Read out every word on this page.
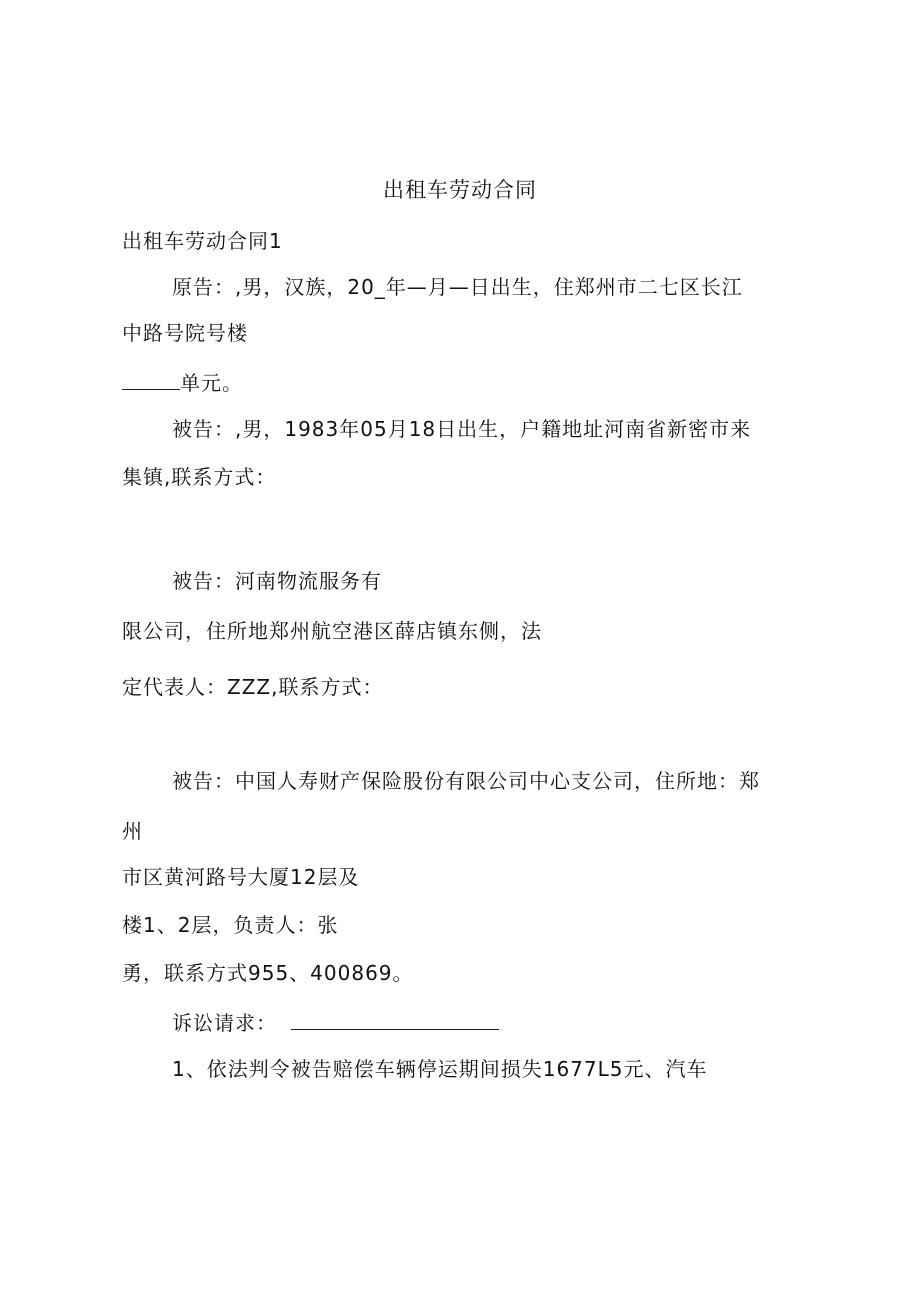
出租车劳动合同
出租车劳动合同1
原告：,男，汉族，20_年—月—日出生，住郑州市二七区长江
中路号院号楼
单元。
被告：,男，1983年05月18日出生，户籍地址河南省新密市来
集镇,联系方式：
被告：河南物流服务有
限公司，住所地郑州航空港区薛店镇东侧，法
定代表人：ZZZ,联系方式：
被告：中国人寿财产保险股份有限公司中心支公司，住所地：郑
州
市区黄河路号大厦12层及
楼1、2层，负责人：张
勇，联系方式955、400869。
诉讼请求：
1、依法判令被告赔偿车辆停运期间损失1677L5元、汽车
